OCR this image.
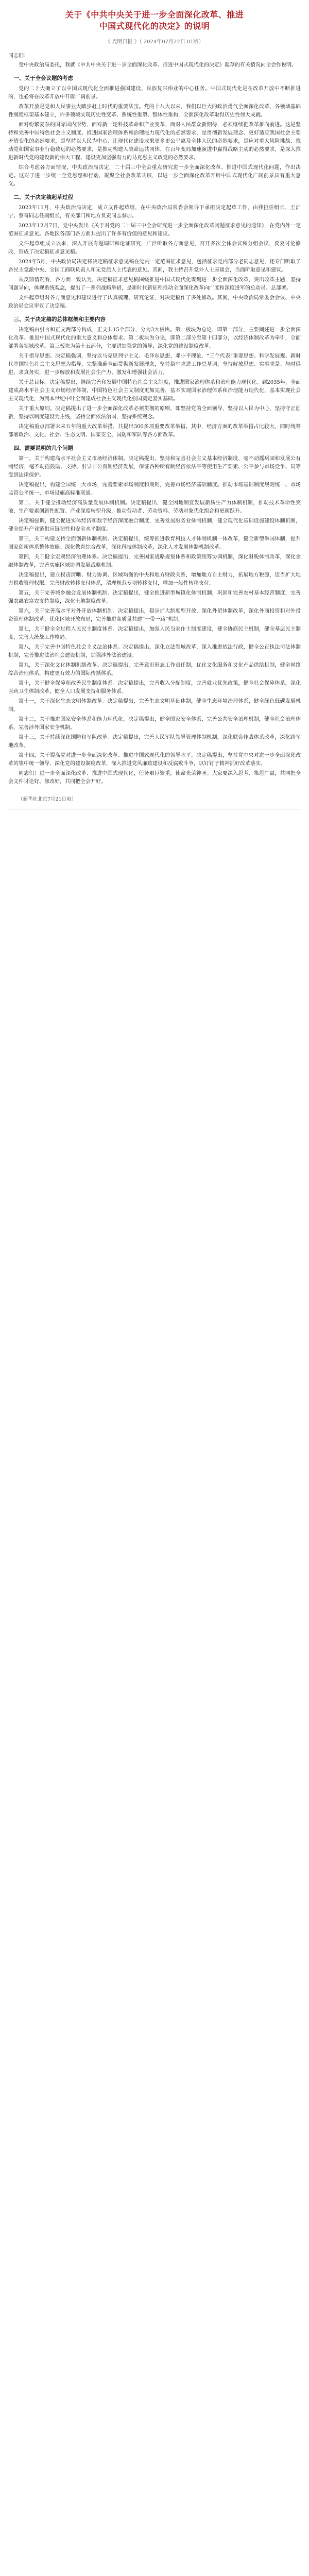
关于《中共中央关于进一步全面深化改革、推进
中国式现代化的决定》的说明
《 光明日报 》（ 2024年07月22日 01版）

同志们：

受中央政治局委托，我就《中共中央关于进一步全面深化改革、推进中国式现代化的决定》起草的有关情况向全会作说明。

一、关于全会议题的考虑

党的二十大确立了以中国式现代化全面推进强国建设、民族复兴伟业的中心任务。中国式现代化是在改革开放中不断推进的，也必将在改革开放中开辟广阔前景。

改革开放是党和人民事业大踏步赶上时代的重要法宝。党的十八大以来，我们以巨大的政治勇气全面深化改革，各领域基础性制度框架基本建立，许多领域实现历史性变革、系统性重塑、整体性重构，全面深化改革取得历史性伟大成就。

面对纷繁复杂的国际国内形势，面对新一轮科技革命和产业变革，面对人民群众新期待，必须继续把改革推向前进。这是坚持和完善中国特色社会主义制度、推进国家治理体系和治理能力现代化的必然要求，是贯彻新发展理念、更好适应我国社会主要矛盾变化的必然要求，是坚持以人民为中心、让现代化建设成果更多更公平惠及全体人民的必然要求，是应对重大风险挑战、推动党和国家事业行稳致远的必然要求，是推动构建人类命运共同体、在百年变局加速演进中赢得战略主动的必然要求，是深入推进新时代党的建设新的伟大工程、建设更加坚强有力的马克思主义政党的必然要求。

综合考虑各方面情况，中央政治局决定，二十届三中全会重点研究进一步全面深化改革、推进中国式现代化问题，作出决定。这对于进一步统一全党思想和行动，凝聚全社会改革共识，以进一步全面深化改革开辟中国式现代化广阔前景具有重大意义。

二、关于决定稿起草过程

2023年11月，中央政治局决定，成立文件起草组，在中央政治局常委会领导下承担决定起草工作，由我担任组长，王沪宁、蔡奇同志任副组长，有关部门和地方负责同志参加。

2023年12月7日，党中央发出《关于对党的二十届三中全会研究进一步全面深化改革问题征求意见的通知》，在党内外一定范围征求意见。各地区各部门各方面共提出了许多有价值的意见和建议。

文件起草组成立以来，深入开展专题调研和论证研究，广泛听取各方面意见，召开多次全体会议和分组会议，反复讨论修改，形成了决定稿征求意见稿。

2024年5月，中央政治局决定将决定稿征求意见稿在党内一定范围征求意见，包括征求党内部分老同志意见，还专门听取了各民主党派中央、全国工商联负责人和无党派人士代表的意见。其间，我主持召开党外人士座谈会，当面听取意见和建议。

从反馈情况看，各方面一致认为，决定稿征求意见稿围绕推进中国式现代化谋划进一步全面深化改革，突出改革主题，坚持问题导向，体现系统观念，提出了一系列战略举措，是新时代新征程推动全面深化改革向广度和深度进军的总动员、总部署。

文件起草组对各方面意见和建议进行了认真梳理、研究论证，对决定稿作了多处修改。其间，中央政治局常委会会议、中央政治局会议审议了决定稿。

三、关于决定稿的总体框架和主要内容

决定稿由引言和正文两部分构成，正文共15个部分，分为3大板块。第一板块为总论，即第一部分，主要阐述进一步全面深化改革、推进中国式现代化的重大意义和总体要求。第二板块为分论，即第二部分至第十四部分，以经济体制改革为牵引，全面部署各领域改革。第三板块为第十五部分，主要讲加强党的领导，深化党的建设制度改革。

关于指导思想。决定稿强调，坚持以马克思列宁主义、毛泽东思想、邓小平理论、“三个代表”重要思想、科学发展观、新时代中国特色社会主义思想为指导，完整准确全面贯彻新发展理念，坚持稳中求进工作总基调，坚持解放思想、实事求是、与时俱进、求真务实，进一步解放和发展社会生产力、激发和增强社会活力。

关于总目标。决定稿提出，继续完善和发展中国特色社会主义制度，推进国家治理体系和治理能力现代化。到2035年，全面建成高水平社会主义市场经济体制，中国特色社会主义制度更加完善，基本实现国家治理体系和治理能力现代化，基本实现社会主义现代化，为到本世纪中叶全面建成社会主义现代化强国奠定坚实基础。

关于重大原则。决定稿提出了进一步全面深化改革必须贯彻的原则，即坚持党的全面领导，坚持以人民为中心，坚持守正创新，坚持以制度建设为主线，坚持全面依法治国，坚持系统观念。

决定稿重点部署未来五年的重大改革举措，共提出300多项重要改革举措。其中，经济方面的改革举措占比较大，同时统筹部署政治、文化、社会、生态文明、国家安全、国防和军队等各方面改革。

四、需要说明的几个问题

第一，关于构建高水平社会主义市场经济体制。决定稿提出，坚持和完善社会主义基本经济制度，毫不动摇巩固和发展公有制经济，毫不动摇鼓励、支持、引导非公有制经济发展，保证各种所有制经济依法平等使用生产要素、公平参与市场竞争、同等受到法律保护。

决定稿提出，构建全国统一大市场，完善要素市场制度和规则，完善市场经济基础制度。推动市场基础制度规则统一、市场监管公平统一、市场设施高标准联通。

第二，关于健全推动经济高质量发展体制机制。决定稿提出，健全因地制宜发展新质生产力体制机制，推动技术革命性突破、生产要素创新性配置、产业深度转型升级，推动劳动者、劳动资料、劳动对象优化组合和更新跃升。

决定稿强调，健全促进实体经济和数字经济深度融合制度，完善发展服务业体制机制，健全现代化基础设施建设体制机制，健全提升产业链供应链韧性和安全水平制度。

第三，关于构建支持全面创新体制机制。决定稿提出，统筹推进教育科技人才体制机制一体改革，健全新型举国体制，提升国家创新体系整体效能。深化教育综合改革，深化科技体制改革，深化人才发展体制机制改革。

第四，关于健全宏观经济治理体系。决定稿提出，完善国家战略规划体系和政策统筹协调机制，深化财税体制改革，深化金融体制改革，完善实施区域协调发展战略机制。

决定稿提出，建立权责清晰、财力协调、区域均衡的中央和地方财政关系，增加地方自主财力，拓展地方税源，适当扩大地方税收管理权限。完善财政转移支付体系，清理规范专项转移支付，增加一般性转移支付。

第五，关于完善城乡融合发展体制机制。决定稿提出，健全推进新型城镇化体制机制，巩固和完善农村基本经营制度，完善强农惠农富农支持制度，深化土地制度改革。

第六，关于完善高水平对外开放体制机制。决定稿提出，稳步扩大制度型开放，深化外贸体制改革，深化外商投资和对外投资管理体制改革，优化区域开放布局，完善推进高质量共建“一带一路”机制。

第七，关于健全全过程人民民主制度体系。决定稿提出，加强人民当家作主制度建设，健全协商民主机制，健全基层民主制度，完善大统战工作格局。

第八，关于完善中国特色社会主义法治体系。决定稿提出，深化立法领域改革，深入推进依法行政，健全公正执法司法体制机制，完善推进法治社会建设机制，加强涉外法治建设。

第九，关于深化文化体制机制改革。决定稿提出，完善意识形态工作责任制，优化文化服务和文化产品供给机制，健全网络综合治理体系，构建更有效力的国际传播体系。

第十，关于健全保障和改善民生制度体系。决定稿提出，完善收入分配制度，完善就业优先政策，健全社会保障体系，深化医药卫生体制改革，健全人口发展支持和服务体系。

第十一，关于深化生态文明体制改革。决定稿提出，完善生态文明基础体制，健全生态环境治理体系，健全绿色低碳发展机制。

第十二，关于推进国家安全体系和能力现代化。决定稿提出，健全国家安全体系，完善公共安全治理机制，健全社会治理体系，完善涉外国家安全机制。

第十三，关于持续深化国防和军队改革。决定稿提出，完善人民军队领导管理体制机制，深化联合作战体系改革，深化跨军地改革。

第十四，关于提高党对进一步全面深化改革、推进中国式现代化的领导水平。决定稿提出，坚持党中央对进一步全面深化改革的集中统一领导，深化党的建设制度改革，深入推进党风廉政建设和反腐败斗争，以钉钉子精神抓好改革落实。

同志们！进一步全面深化改革、推进中国式现代化，任务艰巨繁重，使命光荣神圣。大家要深入思考、集思广益，共同把全会文件讨论好、修改好，共同把全会开好。

（新华社北京7月21日电）
